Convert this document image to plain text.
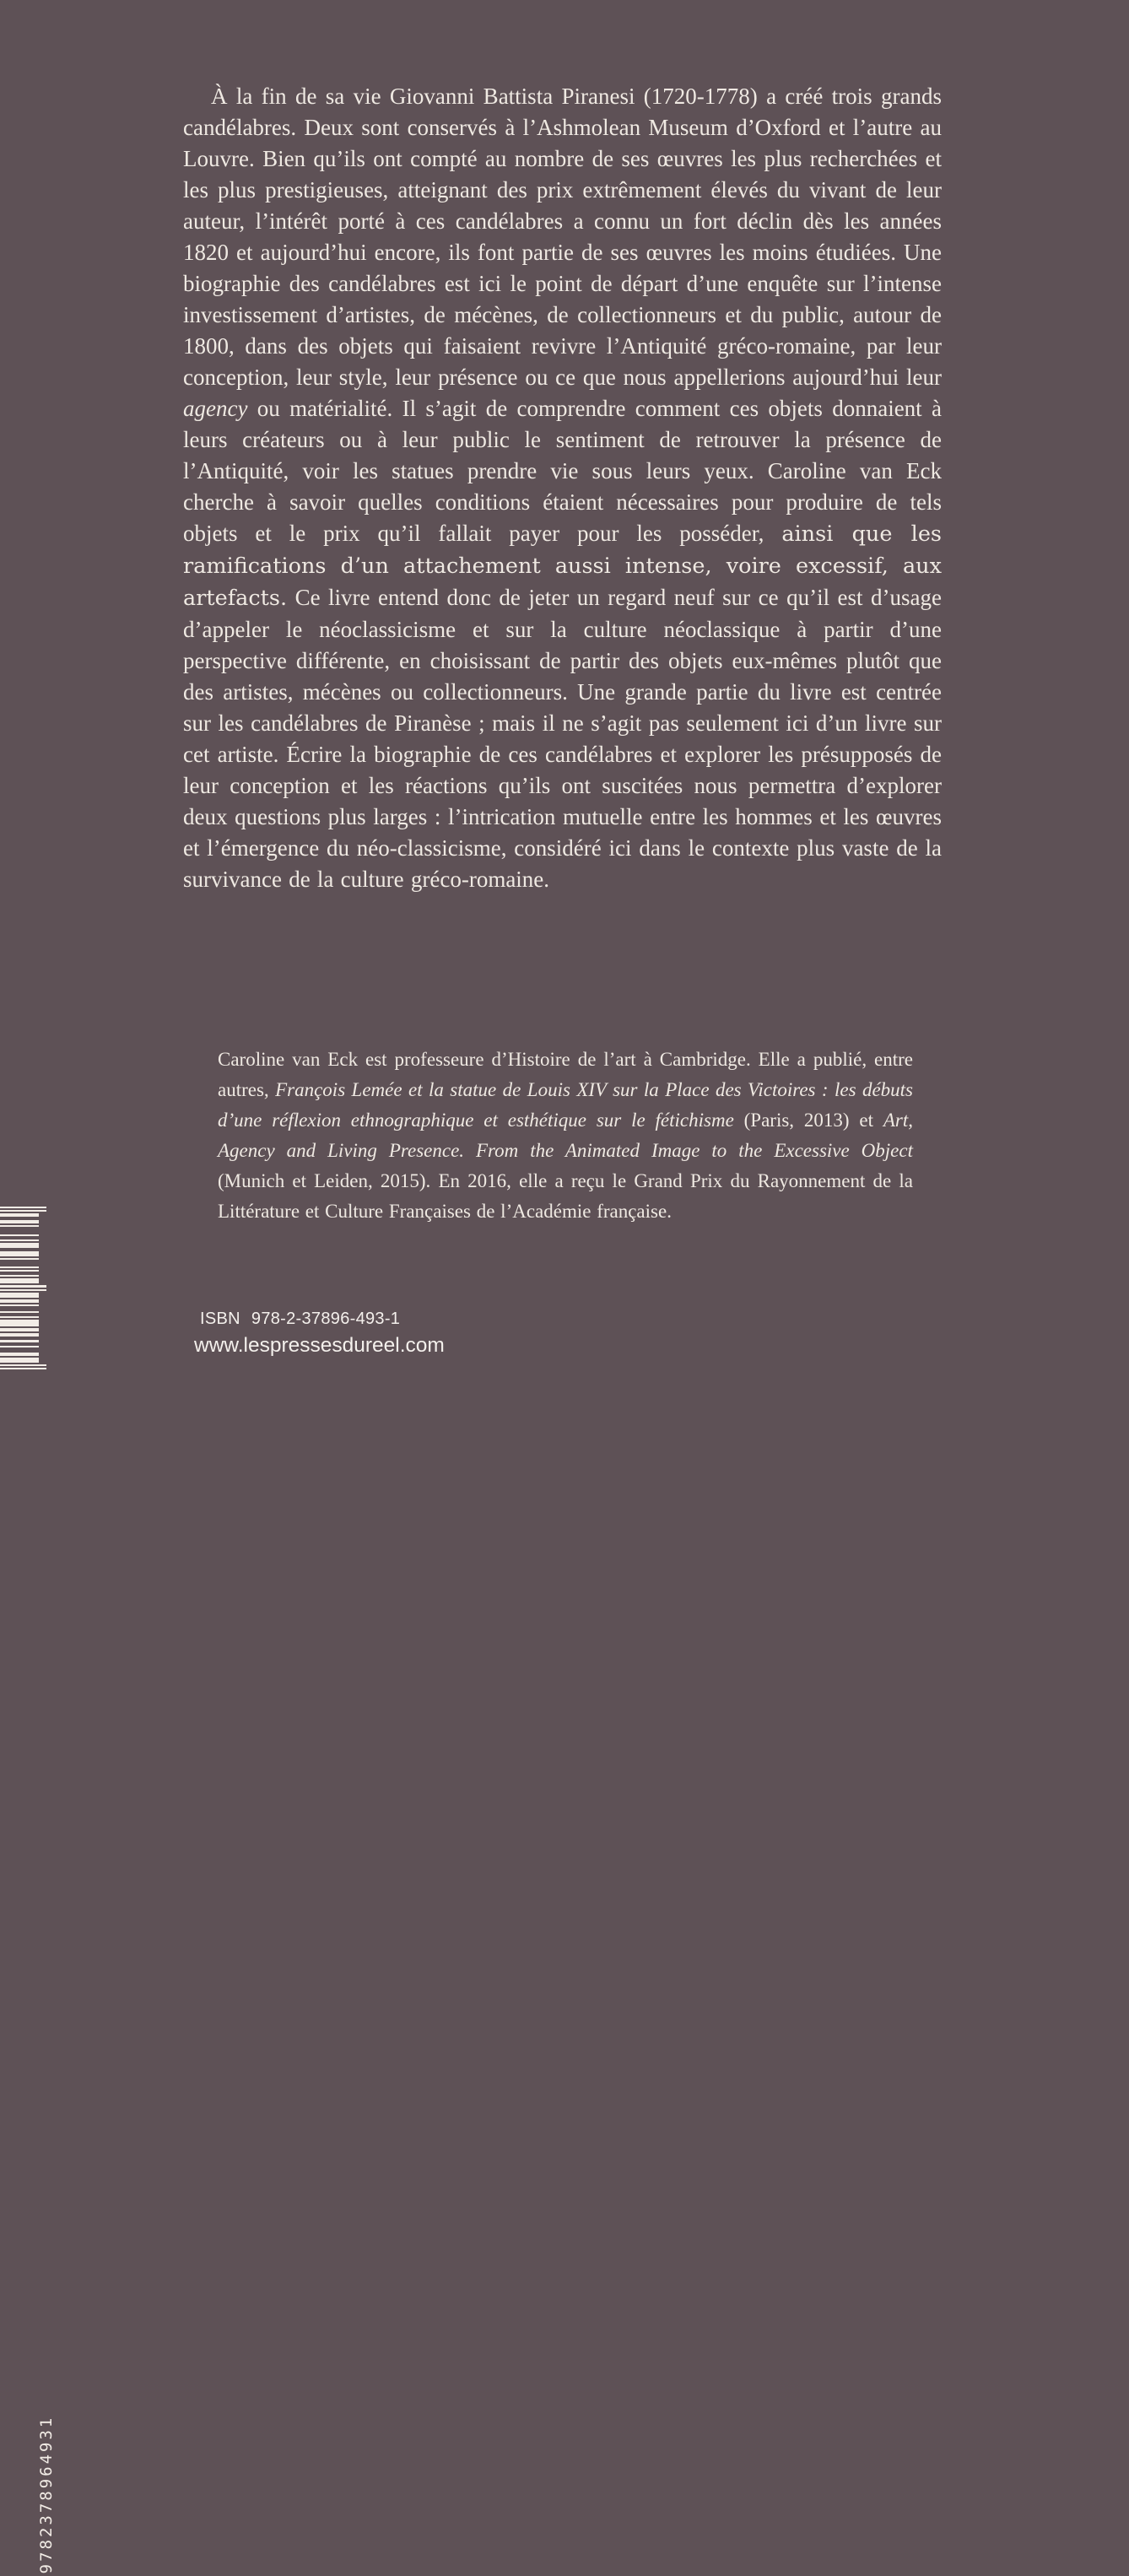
À la fin de sa vie Giovanni Battista Piranesi (1720-1778) a créé trois grands candélabres. Deux sont conservés à l’Ashmolean Museum d’Oxford et l’autre au Louvre. Bien qu’ils ont compté au nombre de ses œuvres les plus recherchées et les plus prestigieuses, atteignant des prix extrêmement élevés du vivant de leur auteur, l’intérêt porté à ces candélabres a connu un fort déclin dès les années 1820 et aujourd’hui encore, ils font partie de ses œuvres les moins étudiées. Une biographie des candélabres est ici le point de départ d’une enquête sur l’intense investissement d’artistes, de mécènes, de collectionneurs et du public, autour de 1800, dans des objets qui faisaient revivre l’Antiquité gréco-romaine, par leur conception, leur style, leur présence ou ce que nous appellerions aujourd’hui leur agency ou matérialité. Il s’agit de comprendre comment ces objets donnaient à leurs créateurs ou à leur public le sentiment de retrouver la présence de l’Antiquité, voir les statues prendre vie sous leurs yeux. Caroline van Eck cherche à savoir quelles conditions étaient nécessaires pour produire de tels objets et le prix qu’il fallait payer pour les posséder, ainsi que les ramifications d’un attachement aussi intense, voire excessif, aux artefacts. Ce livre entend donc de jeter un regard neuf sur ce qu’il est d’usage d’appeler le néoclassicisme et sur la culture néoclassique à partir d’une perspective différente, en choisissant de partir des objets eux-mêmes plutôt que des artistes, mécènes ou collectionneurs. Une grande partie du livre est centrée sur les candélabres de Piranèse ; mais il ne s’agit pas seulement ici d’un livre sur cet artiste. Écrire la biographie de ces candélabres et explorer les présupposés de leur conception et les réactions qu’ils ont suscitées nous permettra d’explorer deux questions plus larges : l’intrication mutuelle entre les hommes et les œuvres et l’émergence du néo-classicisme, considéré ici dans le contexte plus vaste de la survivance de la culture gréco-romaine.

Caroline van Eck est professeure d’Histoire de l’art à Cambridge. Elle a publié, entre autres, François Lemée et la statue de Louis XIV sur la Place des Victoires : les débuts d’une réflexion ethnographique et esthétique sur le fétichisme (Paris, 2013) et Art, Agency and Living Presence. From the Animated Image to the Excessive Object (Munich et Leiden, 2015). En 2016, elle a reçu le Grand Prix du Rayonnement de la Littérature et Culture Françaises de l’Académie française.

ISBN 978-2-37896-493-1
www.lespressesdureel.com
9782378964931
